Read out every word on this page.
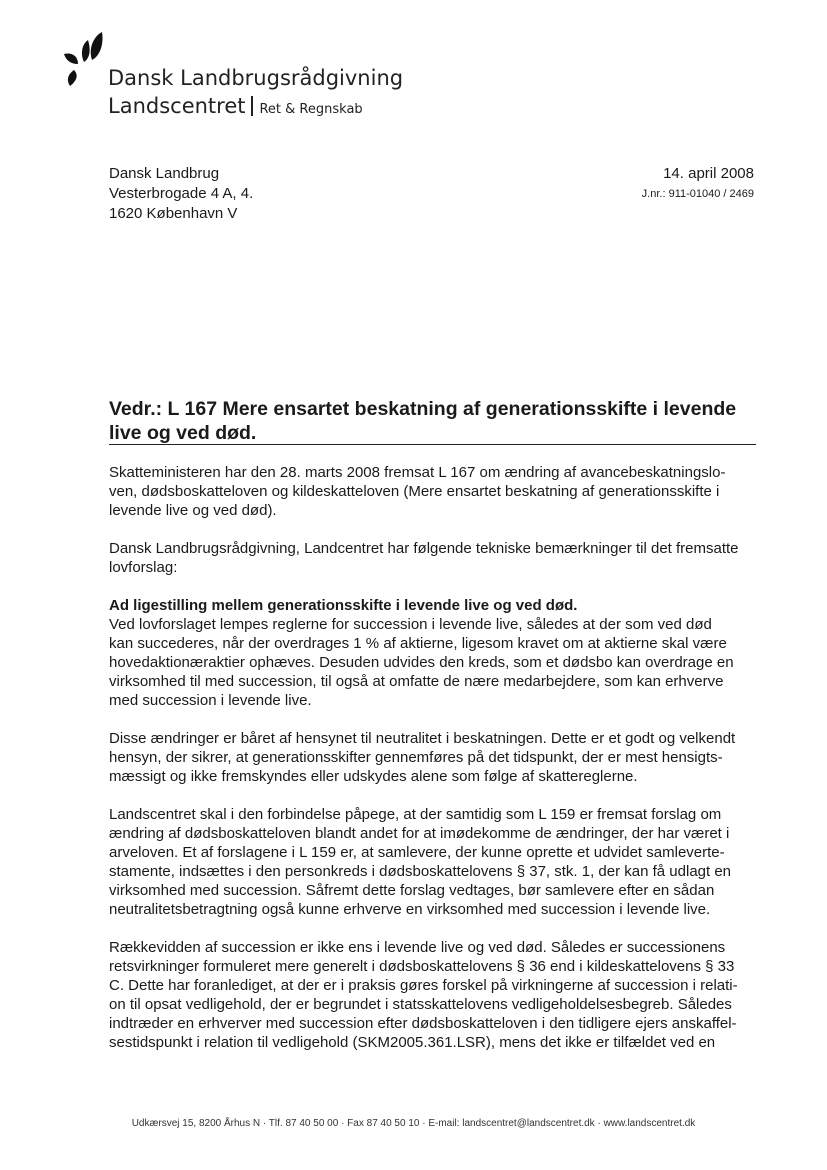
Dansk Landbrugsrådgivning
Landscentret Ret & Regnskab
Dansk Landbrug
Vesterbrogade 4 A, 4.
1620 København V
14. april 2008
J.nr.: 911-01040 / 2469
Vedr.: L 167 Mere ensartet beskatning af generationsskifte i levende live og ved død.

Skatteministeren har den 28. marts 2008 fremsat L 167 om ændring af avancebeskatningslo-
ven, dødsboskatteloven og kildeskatteloven (Mere ensartet beskatning af generationsskifte i
levende live og ved død).

Dansk Landbrugsrådgivning, Landcentret har følgende tekniske bemærkninger til det fremsatte
lovforslag:

Ad ligestilling mellem generationsskifte i levende live og ved død.
Ved lovforslaget lempes reglerne for succession i levende live, således at der som ved død
kan succederes, når der overdrages 1 % af aktierne, ligesom kravet om at aktierne skal være
hovedaktionæraktier ophæves. Desuden udvides den kreds, som et dødsbo kan overdrage en
virksomhed til med succession, til også at omfatte de nære medarbejdere, som kan erhverve
med succession i levende live.

Disse ændringer er båret af hensynet til neutralitet i beskatningen. Dette er et godt og velkendt
hensyn, der sikrer, at generationsskifter gennemføres på det tidspunkt, der er mest hensigts-
mæssigt og ikke fremskyndes eller udskydes alene som følge af skattereglerne.

Landscentret skal i den forbindelse påpege, at der samtidig som L 159 er fremsat forslag om
ændring af dødsboskatteloven blandt andet for at imødekomme de ændringer, der har været i
arveloven. Et af forslagene i L 159 er, at samlevere, der kunne oprette et udvidet samleverte-
stamente, indsættes i den personkreds i dødsboskattelovens § 37, stk. 1, der kan få udlagt en
virksomhed med succession. Såfremt dette forslag vedtages, bør samlevere efter en sådan
neutralitetsbetragtning også kunne erhverve en virksomhed med succession i levende live.

Rækkevidden af succession er ikke ens i levende live og ved død. Således er successionens
retsvirkninger formuleret mere generelt i dødsboskattelovens § 36 end i kildeskattelovens § 33
C. Dette har foranlediget, at der er i praksis gøres forskel på virkningerne af succession i relati-
on til opsat vedligehold, der er begrundet i statsskattelovens vedligeholdelsesbegreb. Således
indtræder en erhverver med succession efter dødsboskatteloven i den tidligere ejers anskaffel-
sestidspunkt i relation til vedligehold (SKM2005.361.LSR), mens det ikke er tilfældet ved en

Udkærsvej 15, 8200 Århus N · Tlf. 87 40 50 00 · Fax 87 40 50 10 · E-mail: landscentret@landscentret.dk · www.landscentret.dk
